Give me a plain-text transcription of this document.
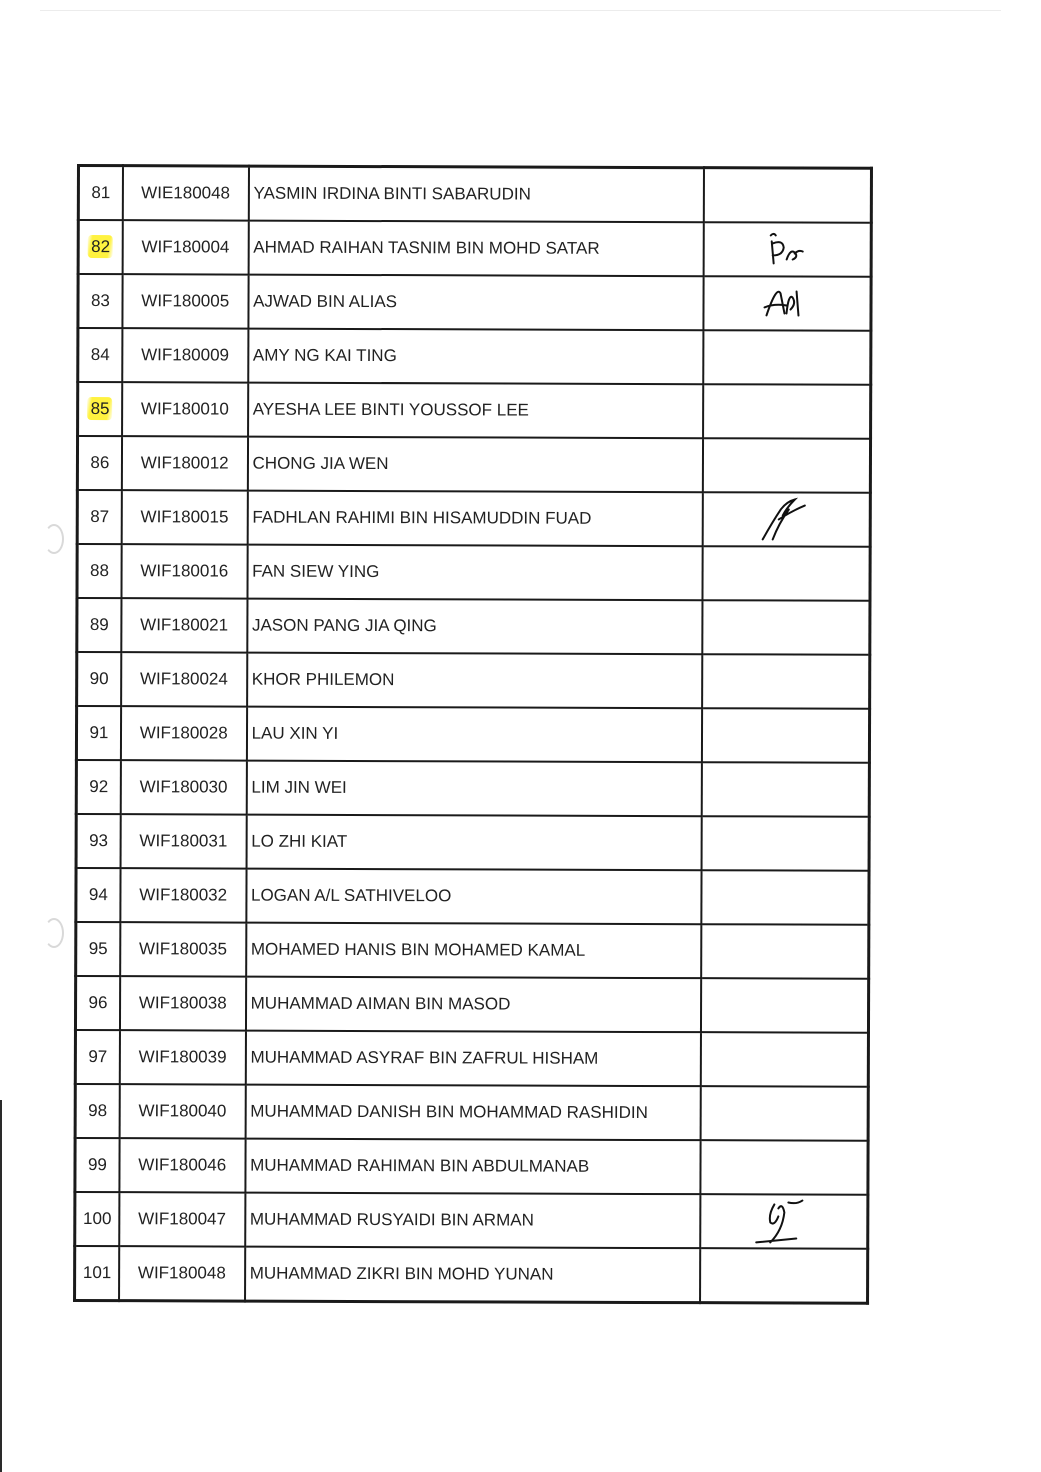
81	WIE180048	YASMIN IRDINA BINTI SABARUDIN	
82	WIF180004	AHMAD RAIHAN TASNIM BIN MOHD SATAR	

83	WIF180005	AJWAD BIN ALIAS	

84	WIF180009	AMY NG KAI TING	
85	WIF180010	AYESHA LEE BINTI YOUSSOF LEE	
86	WIF180012	CHONG JIA WEN	
87	WIF180015	FADHLAN RAHIMI BIN HISAMUDDIN FUAD	

88	WIF180016	FAN SIEW YING	
89	WIF180021	JASON PANG JIA QING	
90	WIF180024	KHOR PHILEMON	
91	WIF180028	LAU XIN YI	
92	WIF180030	LIM JIN WEI	
93	WIF180031	LO ZHI KIAT	
94	WIF180032	LOGAN A/L SATHIVELOO	
95	WIF180035	MOHAMED HANIS BIN MOHAMED KAMAL	
96	WIF180038	MUHAMMAD AIMAN BIN MASOD	
97	WIF180039	MUHAMMAD ASYRAF BIN ZAFRUL HISHAM	
98	WIF180040	MUHAMMAD DANISH BIN MOHAMMAD RASHIDIN	
99	WIF180046	MUHAMMAD RAHIMAN BIN ABDULMANAB	
100	WIF180047	MUHAMMAD RUSYAIDI BIN ARMAN	

101	WIF180048	MUHAMMAD ZIKRI BIN MOHD YUNAN	
